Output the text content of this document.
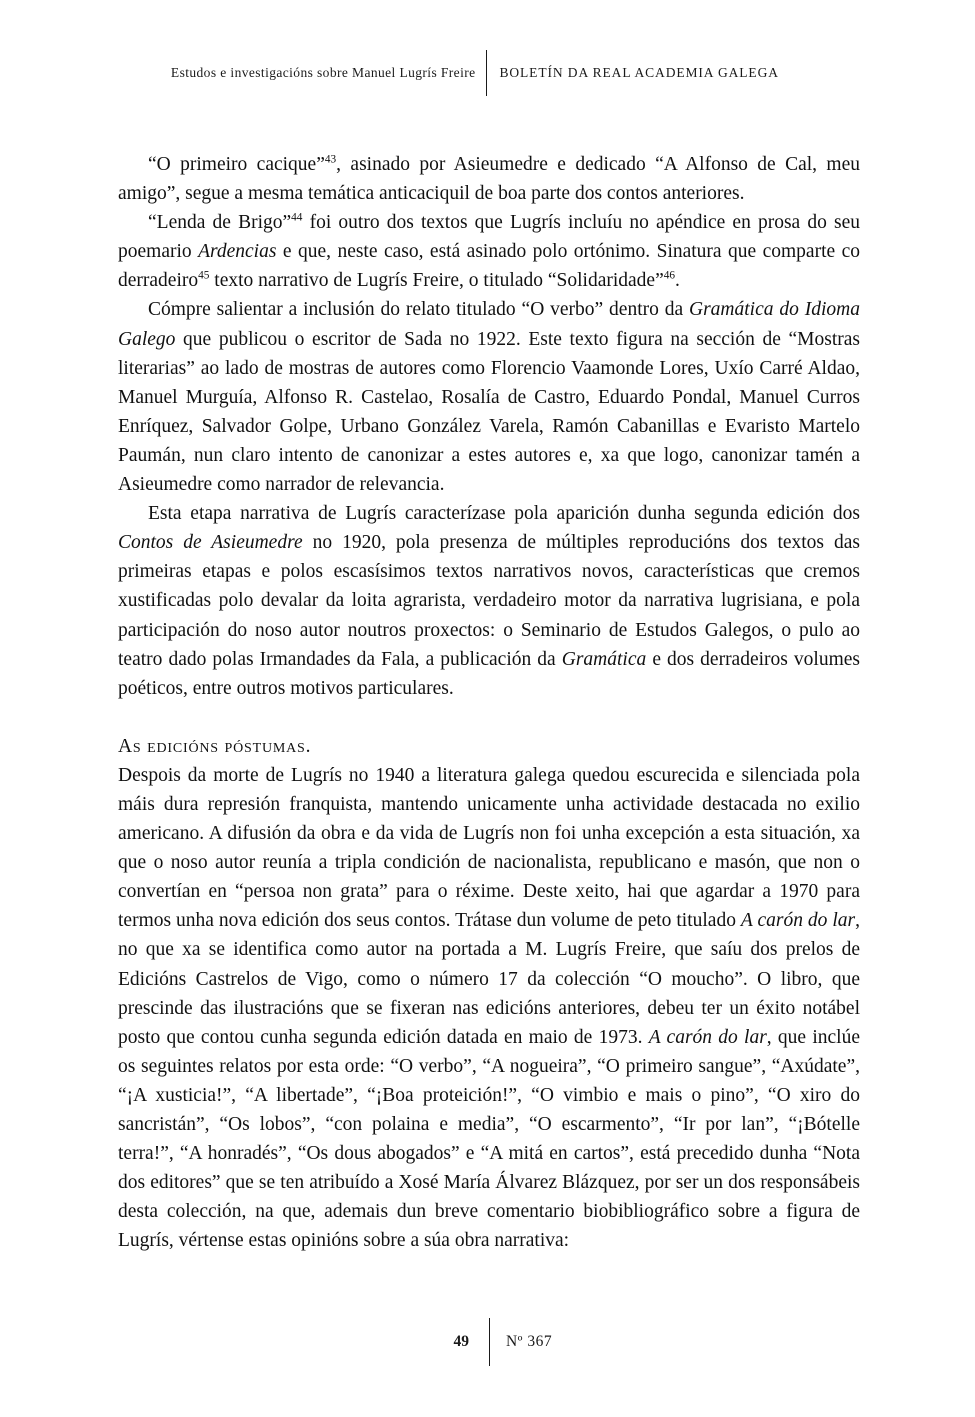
Estudos e investigacións sobre Manuel Lugrís Freire	BOLETÍN DA REAL ACADEMIA GALEGA

“O primeiro cacique”$^{43}$, asinado por Asieumedre e dedicado “A Alfonso de Cal, meu amigo”, segue a mesma temática anticaciquil de boa parte dos contos anteriores.

“Lenda de Brigo”$^{44}$ foi outro dos textos que Lugrís incluíu no apéndice en prosa do seu poemario Ardencias e que, neste caso, está asinado polo ortónimo. Sinatura que comparte co derradeiro$^{45}$ texto narrativo de Lugrís Freire, o titulado “Solidaridade”$^{46}$.

Cómpre salientar a inclusión do relato titulado “O verbo” dentro da Gramática do Idioma Galego que publicou o escritor de Sada no 1922. Este texto figura na sección de “Mostras literarias” ao lado de mostras de autores como Florencio Vaamonde Lores, Uxío Carré Aldao, Manuel Murguía, Alfonso R. Castelao, Rosalía de Castro, Eduardo Pondal, Manuel Curros Enríquez, Salvador Golpe, Urbano González Varela, Ramón Cabanillas e Evaristo Martelo Paumán, nun claro intento de canonizar a estes autores e, xa que logo, canonizar tamén a Asieumedre como narrador de relevancia.

Esta etapa narrativa de Lugrís caracterízase pola aparición dunha segunda edición dos Contos de Asieumedre no 1920, pola presenza de múltiples reproducións dos textos das primeiras etapas e polos escasísimos textos narrativos novos, características que cremos xustificadas polo devalar da loita agrarista, verdadeiro motor da narrativa lugrisiana, e pola participación do noso autor noutros proxectos: o Seminario de Estudos Galegos, o pulo ao teatro dado polas Irmandades da Fala, a publicación da Gramática e dos derradeiros volumes poéticos, entre outros motivos particulares.

As edicións póstumas.

Despois da morte de Lugrís no 1940 a literatura galega quedou escurecida e silenciada pola máis dura represión franquista, mantendo unicamente unha actividade destacada no exilio americano. A difusión da obra e da vida de Lugrís non foi unha excepción a esta situación, xa que o noso autor reunía a tripla condición de nacionalista, republicano e masón, que non o convertían en “persoa non grata” para o réxime. Deste xeito, hai que agardar a 1970 para termos unha nova edición dos seus contos. Trátase dun volume de peto titulado A carón do lar, no que xa se identifica como autor na portada a M. Lugrís Freire, que saíu dos prelos de Edicións Castrelos de Vigo, como o número 17 da colección “O moucho”. O libro, que prescinde das ilustracións que se fixeran nas edicións anteriores, debeu ter un éxito notábel posto que contou cunha segunda edición datada en maio de 1973. A carón do lar, que inclúe os seguintes relatos por esta orde: “O verbo”, “A nogueira”, “O primeiro sangue”, “Axúdate”, “¡A xusticia!”, “A libertade”, “¡Boa proteición!”, “O vimbio e mais o pino”, “O xiro do sancristán”, “Os lobos”, “con polaina e media”, “O escarmento”, “Ir por lan”, “¡Bótelle terra!”, “A honradés”, “Os dous abogados” e “A mitá en cartos”, está precedido dunha “Nota dos editores” que se ten atribuído a Xosé María Álvarez Blázquez, por ser un dos responsábeis desta colección, na que, ademais dun breve comentario biobibliográfico sobre a figura de Lugrís, vértense estas opinións sobre a súa obra narrativa:

49	Nº 367
